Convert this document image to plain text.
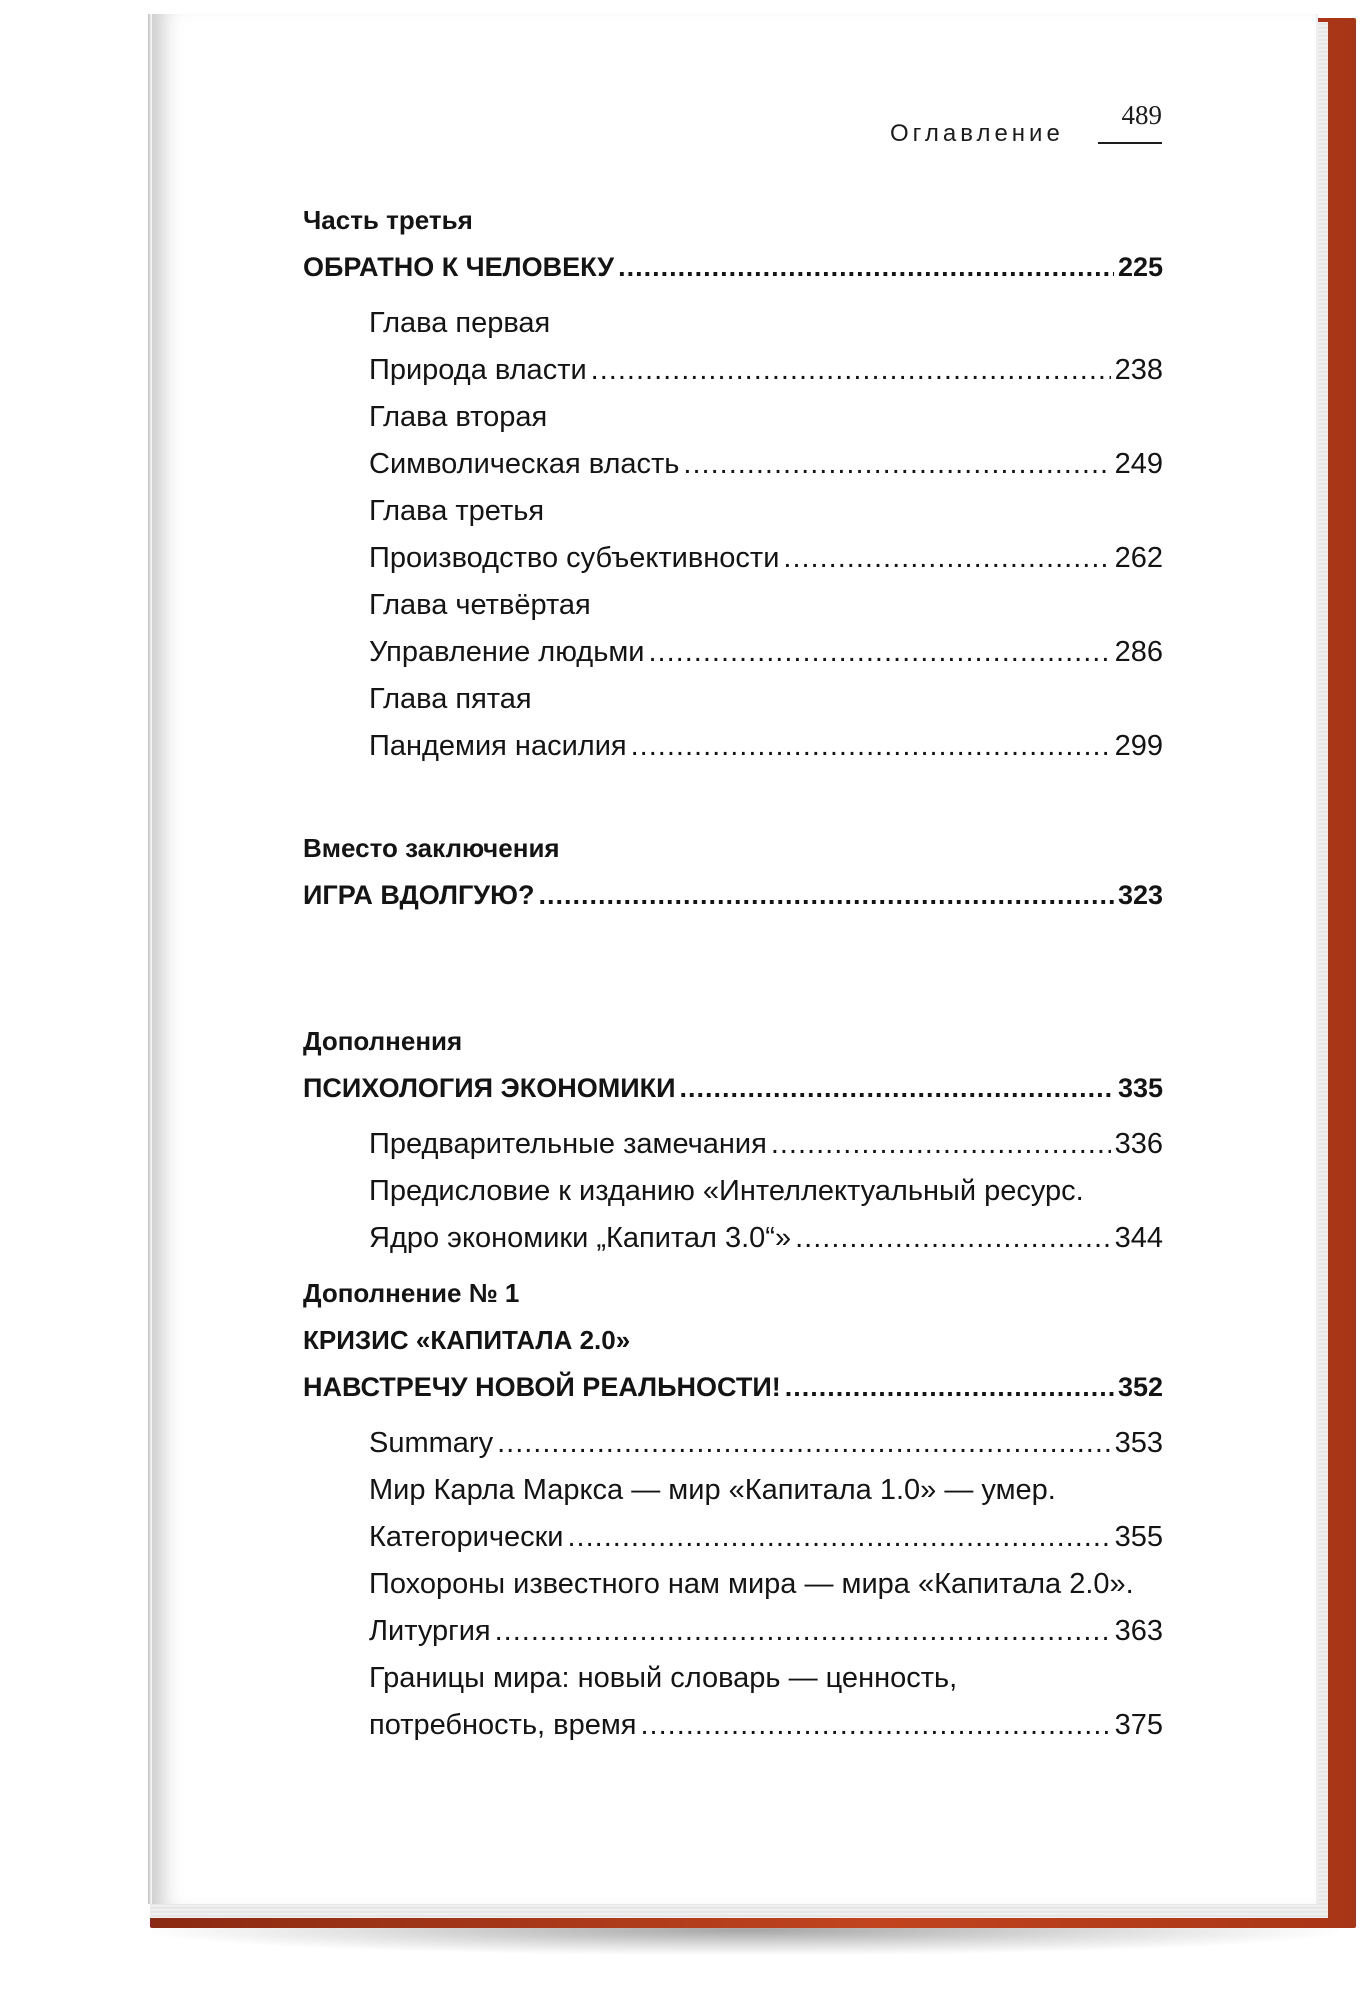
Оглавление
489
Часть третья
ОБРАТНО К ЧЕЛОВЕКУ .....	225
Глава первая
Природа власти .....	238
Глава вторая
Символическая власть .....	249
Глава третья
Производство субъективности .....	262
Глава четвёртая
Управление людьми .....	286
Глава пятая
Пандемия насилия .....	299
Вместо заключения
ИГРА ВДОЛГУЮ? .....	323
Дополнения
ПСИХОЛОГИЯ ЭКОНОМИКИ .....	335
Предварительные замечания .....	336
Предисловие к изданию «Интеллектуальный ресурс.
Ядро экономики „Капитал 3.0“» .....	344
Дополнение № 1
КРИЗИС «КАПИТАЛА 2.0»
НАВСТРЕЧУ НОВОЙ РЕАЛЬНОСТИ! .....	352
Summary .....	353
Мир Карла Маркса — мир «Капитала 1.0» — умер.
Категорически .....	355
Похороны известного нам мира — мира «Капитала 2.0».
Литургия .....	363
Границы мира: новый словарь — ценность,
потребность, время .....	375
